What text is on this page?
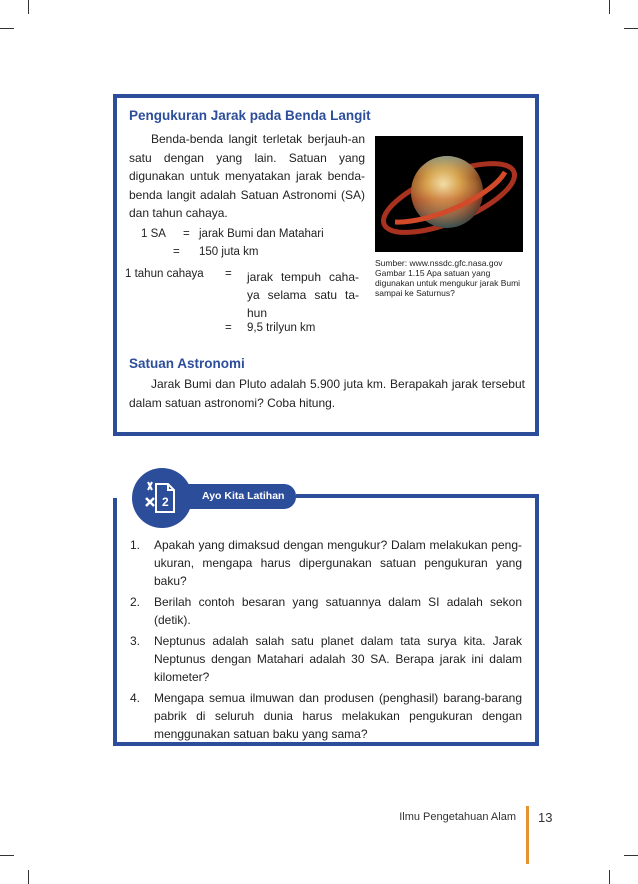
Pengukuran Jarak pada Benda Langit
Benda-benda langit terletak berjauh-an satu dengan yang lain. Satuan yang digunakan untuk menyatakan jarak benda-benda langit adalah Satuan Astronomi (SA) dan tahun cahaya.
1 SA = jarak Bumi dan Matahari
= 150 juta km
1 tahun cahaya = jarak tempuh caha-ya selama satu ta-hun
= 9,5 trilyun km
Sumber: www.nssdc.gfc.nasa.gov
Gambar 1.15 Apa satuan yang digunakan untuk mengukur jarak Bumi sampai ke Saturnus?
Satuan Astronomi
Jarak Bumi dan Pluto adalah 5.900 juta km. Berapakah jarak tersebut dalam satuan astronomi? Coba hitung.
Ayo Kita Latihan
2
1. Apakah yang dimaksud dengan mengukur? Dalam melakukan peng-ukuran, mengapa harus dipergunakan satuan pengukuran yang baku?
2. Berilah contoh besaran yang satuannya dalam SI adalah sekon (detik).
3. Neptunus adalah salah satu planet dalam tata surya kita. Jarak Neptunus dengan Matahari adalah 30 SA. Berapa jarak ini dalam kilometer?
4. Mengapa semua ilmuwan dan produsen (penghasil) barang-barang pabrik di seluruh dunia harus melakukan pengukuran dengan menggunakan satuan baku yang sama?
Ilmu Pengetahuan Alam 13
